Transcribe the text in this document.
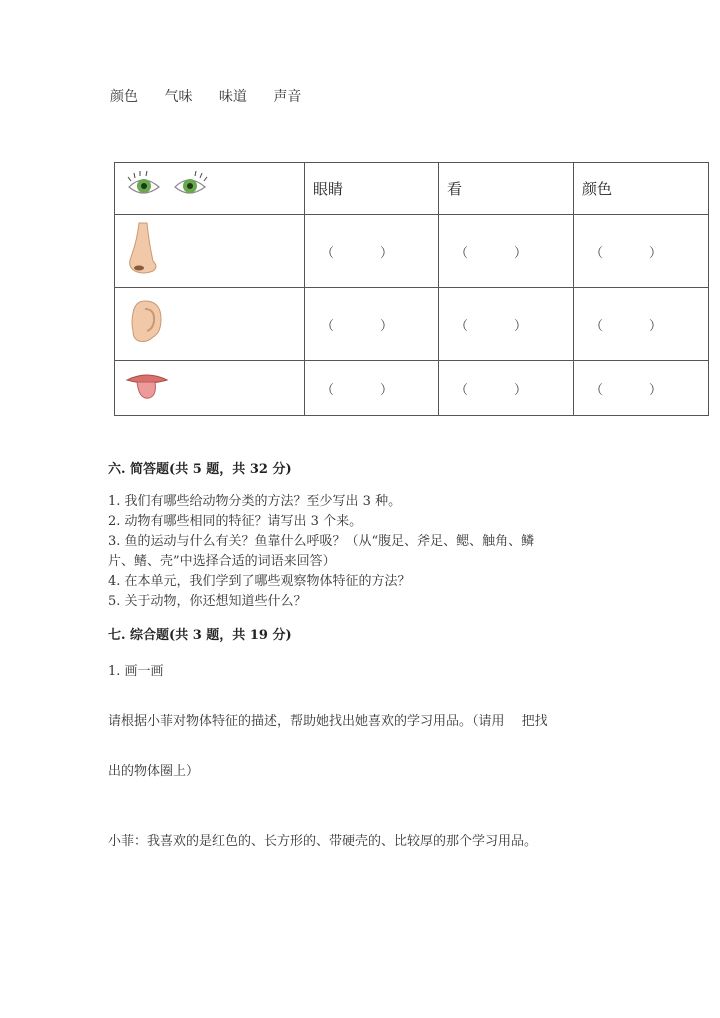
颜色 气味 味道 声音
	眼睛	看	颜色
	（ ）	（ ）	（ ）
	（ ）	（ ）	（ ）
	（ ）	（ ）	（ ）
六. 简答题(共 5 题，共 32 分)
1. 我们有哪些给动物分类的方法？至少写出 3 种。
2. 动物有哪些相同的特征？请写出 3 个来。
3. 鱼的运动与什么有关？鱼靠什么呼吸？（从“腹足、斧足、鳃、触角、鳞
片、鳍、壳”中选择合适的词语来回答）
4. 在本单元，我们学到了哪些观察物体特征的方法？
5. 关于动物，你还想知道些什么？
七. 综合题(共 3 题，共 19 分)
1. 画一画
请根据小菲对物体特征的描述，帮助她找出她喜欢的学习用品。（请用　 把找
出的物体圈上）
小菲：我喜欢的是红色的、长方形的、带硬壳的、比较厚的那个学习用品。
